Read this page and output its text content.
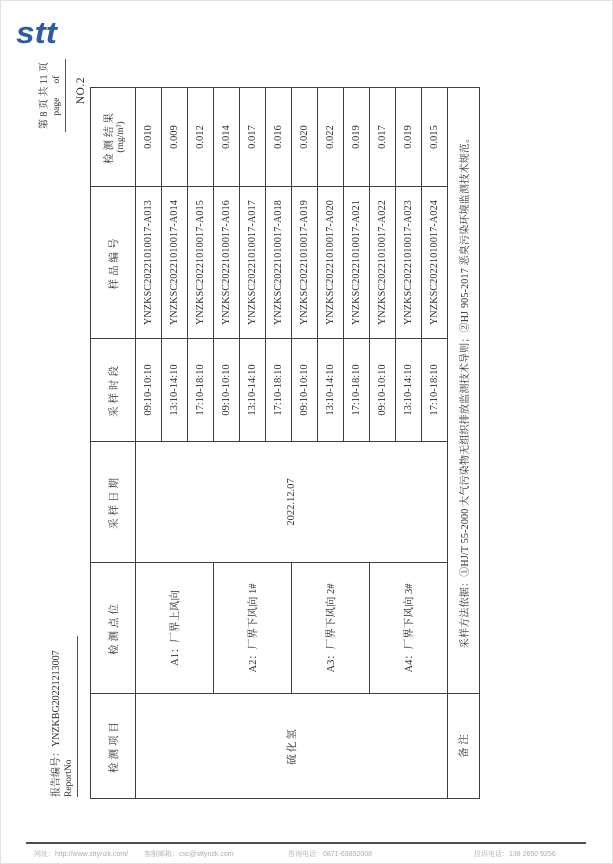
stt
报告编号：YNZKBG20221213007 ReportNo
第 8 页 共 11 页 page      of NO.2
检测项目	检测点位	采样日期	采样时段	样品编号	检测结果 (mg/m³)

硫化氢	A1：厂界上风向	2022.12.07	09:10-10:10	YNZKSC20221010017-A013	0.010
			13:10-14:10	YNZKSC20221010017-A014	0.009
			17:10-18:10	YNZKSC20221010017-A015	0.012
	A2：厂界下风向 1#		09:10-10:10	YNZKSC20221010017-A016	0.014
			13:10-14:10	YNZKSC20221010017-A017	0.017
			17:10-18:10	YNZKSC20221010017-A018	0.016
	A3：厂界下风向 2#		09:10-10:10	YNZKSC20221010017-A019	0.020
			13:10-14:10	YNZKSC20221010017-A020	0.022
			17:10-18:10	YNZKSC20221010017-A021	0.019
	A4：厂界下风向 3#		09:10-10:10	YNZKSC20221010017-A022	0.017
			13:10-14:10	YNZKSC20221010017-A023	0.019
			17:10-18:10	YNZKSC20221010017-A024	0.015
备 注	采样方法依据：①HJ/T 55-2000 大气污染物无组织排放监测技术导则；②HJ 905-2017 恶臭污染环境监测技术规范。				
网址：http://www.sttynzk.com/ 客服邮箱：csc@sttynzk.com	咨询电话：0871-63852008	投诉电话：138 2650 9256
